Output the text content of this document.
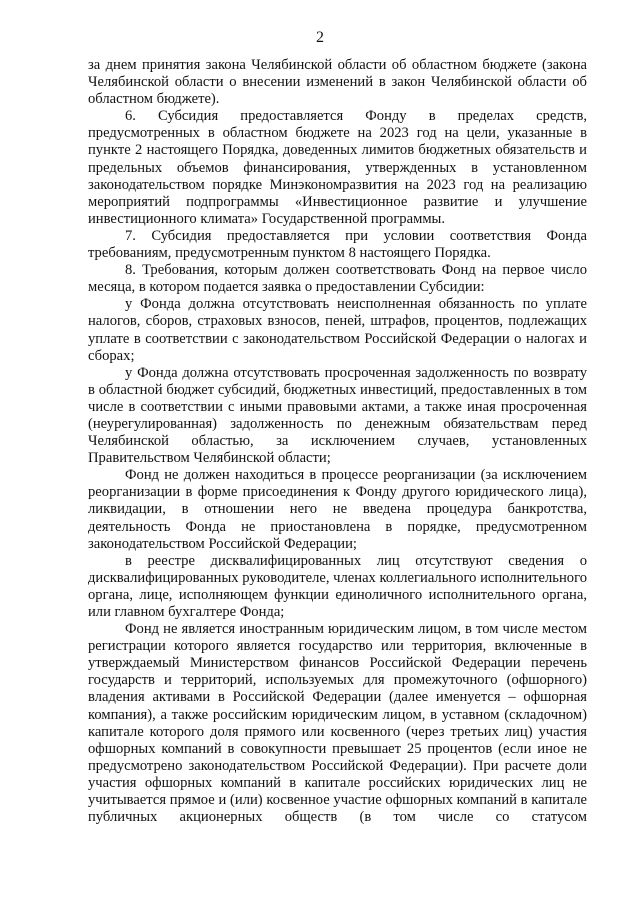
2

за днем принятия закона Челябинской области об областном бюджете (закона Челябинской области о внесении изменений в закон Челябинской области об областном бюджете).

6. Субсидия предоставляется Фонду в пределах средств, предусмотренных в областном бюджете на 2023 год на цели, указанные в пункте 2 настоящего Порядка, доведенных лимитов бюджетных обязательств и предельных объемов финансирования, утвержденных в установленном законодательством порядке Минэкономразвития на 2023 год на реализацию мероприятий подпрограммы «Инвестиционное развитие и улучшение инвестиционного климата» Государственной программы.

7. Субсидия предоставляется при условии соответствия Фонда требованиям, предусмотренным пунктом 8 настоящего Порядка.

8. Требования, которым должен соответствовать Фонд на первое число месяца, в котором подается заявка о предоставлении Субсидии:

у Фонда должна отсутствовать неисполненная обязанность по уплате налогов, сборов, страховых взносов, пеней, штрафов, процентов, подлежащих уплате в соответствии с законодательством Российской Федерации о налогах и сборах;

у Фонда должна отсутствовать просроченная задолженность по возврату в областной бюджет субсидий, бюджетных инвестиций, предоставленных в том числе в соответствии с иными правовыми актами, а также иная просроченная (неурегулированная) задолженность по денежным обязательствам перед Челябинской областью, за исключением случаев, установленных Правительством Челябинской области;

Фонд не должен находиться в процессе реорганизации (за исключением реорганизации в форме присоединения к Фонду другого юридического лица), ликвидации, в отношении него не введена процедура банкротства, деятельность Фонда не приостановлена в порядке, предусмотренном законодательством Российской Федерации;

в реестре дисквалифицированных лиц отсутствуют сведения о дисквалифицированных руководителе, членах коллегиального исполнительного органа, лице, исполняющем функции единоличного исполнительного органа, или главном бухгалтере Фонда;

Фонд не является иностранным юридическим лицом, в том числе местом регистрации которого является государство или территория, включенные в утверждаемый Министерством финансов Российской Федерации перечень государств и территорий, используемых для промежуточного (офшорного) владения активами в Российской Федерации (далее именуется – офшорная компания), а также российским юридическим лицом, в уставном (складочном) капитале которого доля прямого или косвенного (через третьих лиц) участия офшорных компаний в совокупности превышает 25 процентов (если иное не предусмотрено законодательством Российской Федерации). При расчете доли участия офшорных компаний в капитале российских юридических лиц не учитывается прямое и (или) косвенное участие офшорных компаний в капитале публичных акционерных обществ (в том числе со статусом
